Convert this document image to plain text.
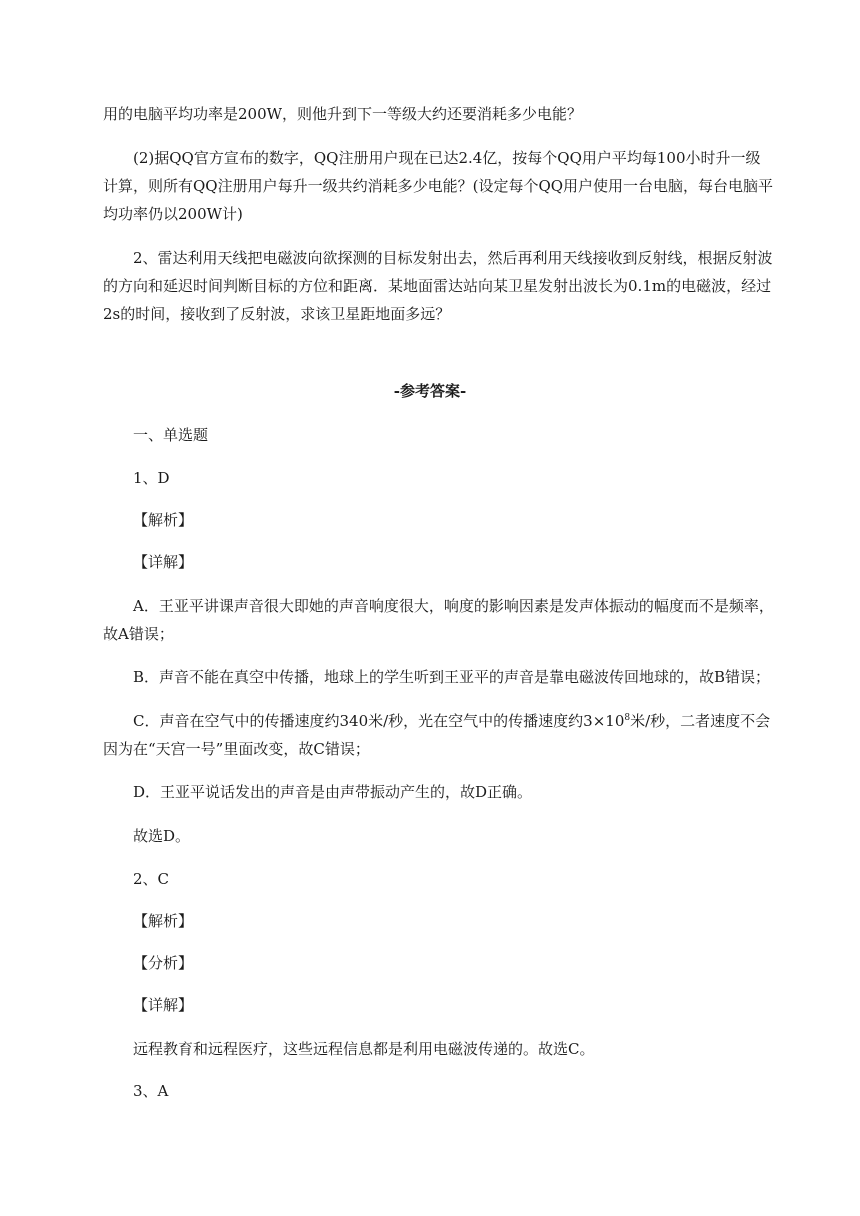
用的电脑平均功率是200W，则他升到下一等级大约还要消耗多少电能？
(2)据QQ官方宣布的数字，QQ注册用户现在已达2.4亿，按每个QQ用户平均每100小时升一级
计算，则所有QQ注册用户每升一级共约消耗多少电能？(设定每个QQ用户使用一台电脑，每台电脑平
均功率仍以200W计)
2、雷达利用天线把电磁波向欲探测的目标发射出去，然后再利用天线接收到反射线，根据反射波
的方向和延迟时间判断目标的方位和距离．某地面雷达站向某卫星发射出波长为0.1m的电磁波，经过
2s的时间，接收到了反射波，求该卫星距地面多远？
-参考答案-
一、单选题
1、D
【解析】
【详解】
A．王亚平讲课声音很大即她的声音响度很大，响度的影响因素是发声体振动的幅度而不是频率，
故A错误；
B．声音不能在真空中传播，地球上的学生听到王亚平的声音是靠电磁波传回地球的，故B错误；
C．声音在空气中的传播速度约340米/秒，光在空气中的传播速度约$3\times 10^8$米/秒，二者速度不会
因为在“天宫一号”里面改变，故C错误；
D．王亚平说话发出的声音是由声带振动产生的，故D正确。
故选D。
2、C
【解析】
【分析】
【详解】
远程教育和远程医疗，这些远程信息都是利用电磁波传递的。故选C。
3、A
